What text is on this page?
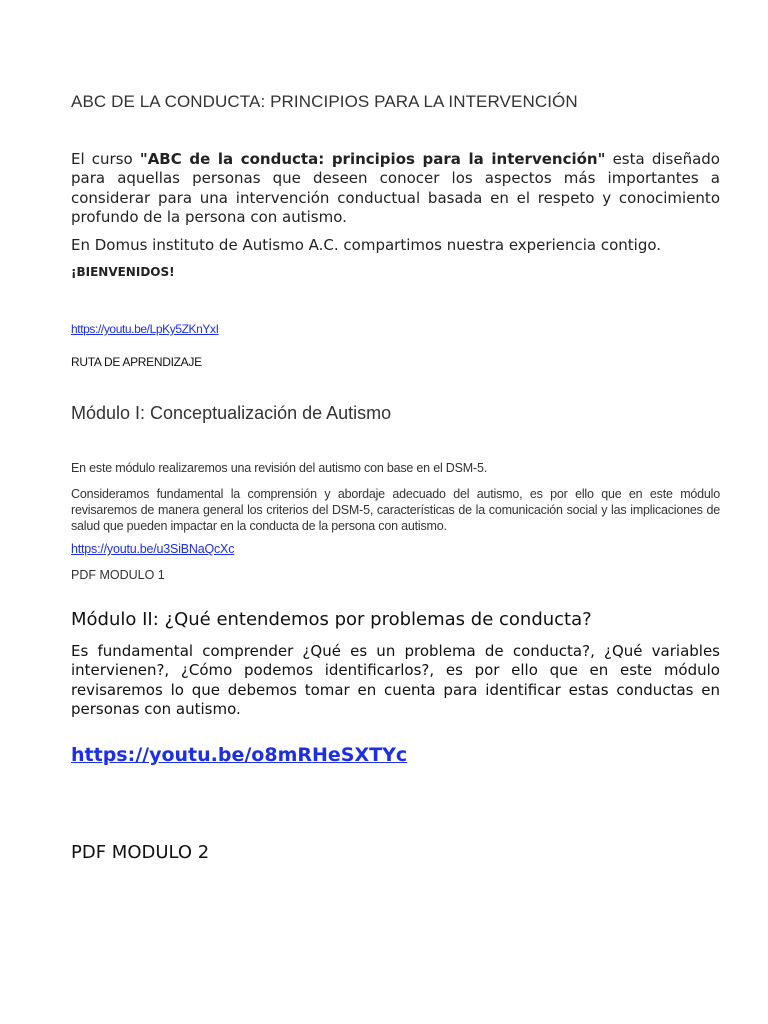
ABC DE LA CONDUCTA: PRINCIPIOS PARA LA INTERVENCIÓN

El curso "ABC de la conducta: principios para la intervención" esta diseñado para aquellas personas que deseen conocer los aspectos más importantes a considerar para una intervención conductual basada en el respeto y conocimiento profundo de la persona con autismo.

En Domus instituto de Autismo A.C. compartimos nuestra experiencia contigo.

¡BIENVENIDOS!

https://youtu.be/LpKy5ZKnYxI

RUTA DE APRENDIZAJE

Módulo I: Conceptualización de Autismo

En este módulo realizaremos una revisión del autismo con base en el DSM-5.

Consideramos fundamental la comprensión y abordaje adecuado del autismo, es por ello que en este módulo revisaremos de manera general los criterios del DSM-5, características de la comunicación social y las implicaciones de salud que pueden impactar en la conducta de la persona con autismo.

https://youtu.be/u3SiBNaQcXc

PDF MODULO 1

Módulo II: ¿Qué entendemos por problemas de conducta?

Es fundamental comprender ¿Qué es un problema de conducta?, ¿Qué variables intervienen?, ¿Cómo podemos identificarlos?, es por ello que en este módulo revisaremos lo que debemos tomar en cuenta para identificar estas conductas en personas con autismo.

https://youtu.be/o8mRHeSXTYc

PDF MODULO 2
